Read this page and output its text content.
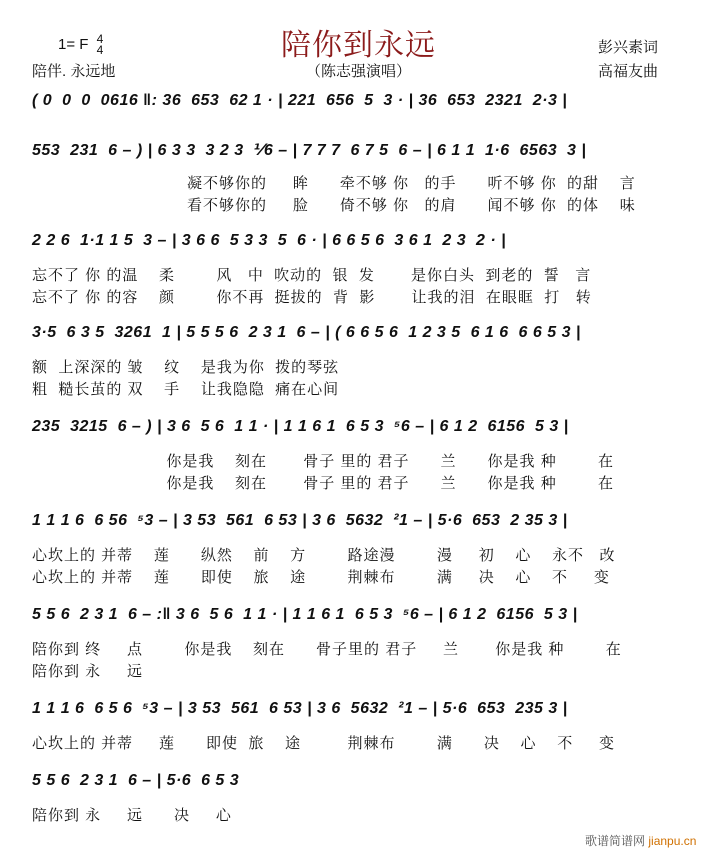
1= F 4
4
陪伴. 永远地
陪你到永远
（陈志强演唱）
彭兴素词
高福友曲
( 0  0  0  0616 ‖: 36  653  62 1 · | 221  656  5  3 · | 36  653  2321  2·3 |
553  231  6 – ) | 6 3 3  3 2 3  ⅟6 – | 7 7 7  6 7 5  6 – | 6 1 1  1·6  6563  3 |
凝不够你的     眸      牵不够 你   的手      听不够 你  的甜    言
看不够你的     脸      倚不够 你   的肩      闻不够 你  的体    味
2 2 6  1·1 1 5  3 – | 3 6 6  5 3 3  5  6 · | 6 6 5 6  3 6 1  2 3  2 · |
忘不了 你 的温    柔        风   中  吹动的  银  发       是你白头  到老的  誓   言
忘不了 你 的容    颜        你不再  挺拔的  背  影       让我的泪  在眼眶  打   转
3·5  6 3 5  3261  1 | 5 5 5 6  2 3 1  6 – | ( 6 6 5 6  1 2 3 5  6 1 6  6 6 5 3 |
额  上深深的 皱    纹    是我为你  拨的琴弦
粗  糙长茧的 双    手    让我隐隐  痛在心间
235  3215  6 – ) | 3 6  5 6  1 1 · | 1 1 6 1  6 5 3  ⁵6 – | 6 1 2  6156  5 3 |
你是我    刻在       骨子 里的 君子      兰      你是我 种        在
你是我    刻在       骨子 里的 君子      兰      你是我 种        在
1 1 1 6  6 56  ⁵3 – | 3 53  561  6 53 | 3 6  5632  ²1 – | 5·6  653  2 35 3 |
心坎上的 并蒂    莲      纵然    前    方        路途漫        漫     初    心    永不   改
心坎上的 并蒂    莲      即使    旅    途        荆棘布        满     决    心    不     变
5 5 6  2 3 1  6 – :‖ 3 6  5 6  1 1 · | 1 1 6 1  6 5 3  ⁵6 – | 6 1 2  6156  5 3 |
陪你到 终     点        你是我    刻在      骨子里的 君子     兰       你是我 种        在
陪你到 永     远
1 1 1 6  6 5 6  ⁵3 – | 3 53  561  6 53 | 3 6  5632  ²1 – | 5·6  653  235 3 |
心坎上的 并蒂     莲      即使  旅    途         荆棘布        满      决    心    不     变
5 5 6  2 3 1  6 – | 5·6  6 5 3
陪你到 永     远      决     心
歌谱简谱网 jianpu.cn
